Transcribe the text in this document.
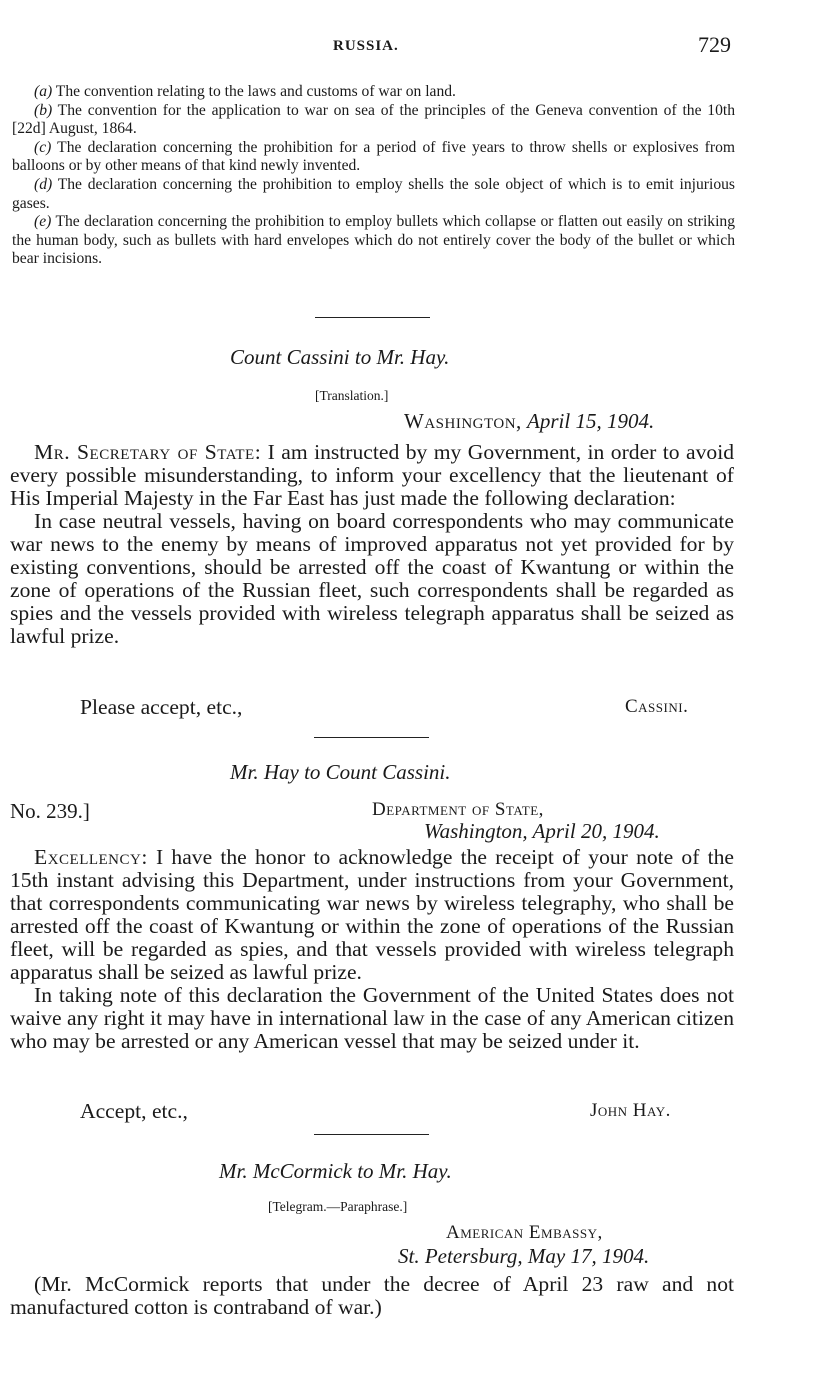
RUSSIA.	729

(a) The convention relating to the laws and customs of war on land.

(b) The convention for the application to war on sea of the principles of the Geneva convention of the 10th [22d] August, 1864.

(c) The declaration concerning the prohibition for a period of five years to throw shells or explosives from balloons or by other means of that kind newly invented.

(d) The declaration concerning the prohibition to employ shells the sole object of which is to emit injurious gases.

(e) The declaration concerning the prohibition to employ bullets which collapse or flatten out easily on striking the human body, such as bullets with hard envelopes which do not entirely cover the body of the bullet or which bear incisions.

Count Cassini to Mr. Hay.
[Translation.]
Washington, April 15, 1904.

Mr. Secretary of State: I am instructed by my Government, in order to avoid every possible misunderstanding, to inform your excellency that the lieutenant of His Imperial Majesty in the Far East has just made the following declaration:

In case neutral vessels, having on board correspondents who may communicate war news to the enemy by means of improved apparatus not yet provided for by existing conventions, should be arrested off the coast of Kwantung or within the zone of operations of the Russian fleet, such correspondents shall be regarded as spies and the vessels provided with wireless telegraph apparatus shall be seized as lawful prize.

Please accept, etc.,	Cassini.
Mr. Hay to Count Cassini.
No. 239.]	Department of State,
Washington, April 20, 1904.

Excellency: I have the honor to acknowledge the receipt of your note of the 15th instant advising this Department, under instructions from your Government, that correspondents communicating war news by wireless telegraphy, who shall be arrested off the coast of Kwantung or within the zone of operations of the Russian fleet, will be regarded as spies, and that vessels provided with wireless telegraph apparatus shall be seized as lawful prize.

In taking note of this declaration the Government of the United States does not waive any right it may have in international law in the case of any American citizen who may be arrested or any American vessel that may be seized under it.

Accept, etc.,	John Hay.
Mr. McCormick to Mr. Hay.
[Telegram.—Paraphrase.]
American Embassy,
St. Petersburg, May 17, 1904.

(Mr. McCormick reports that under the decree of April 23 raw and not manufactured cotton is contraband of war.)
